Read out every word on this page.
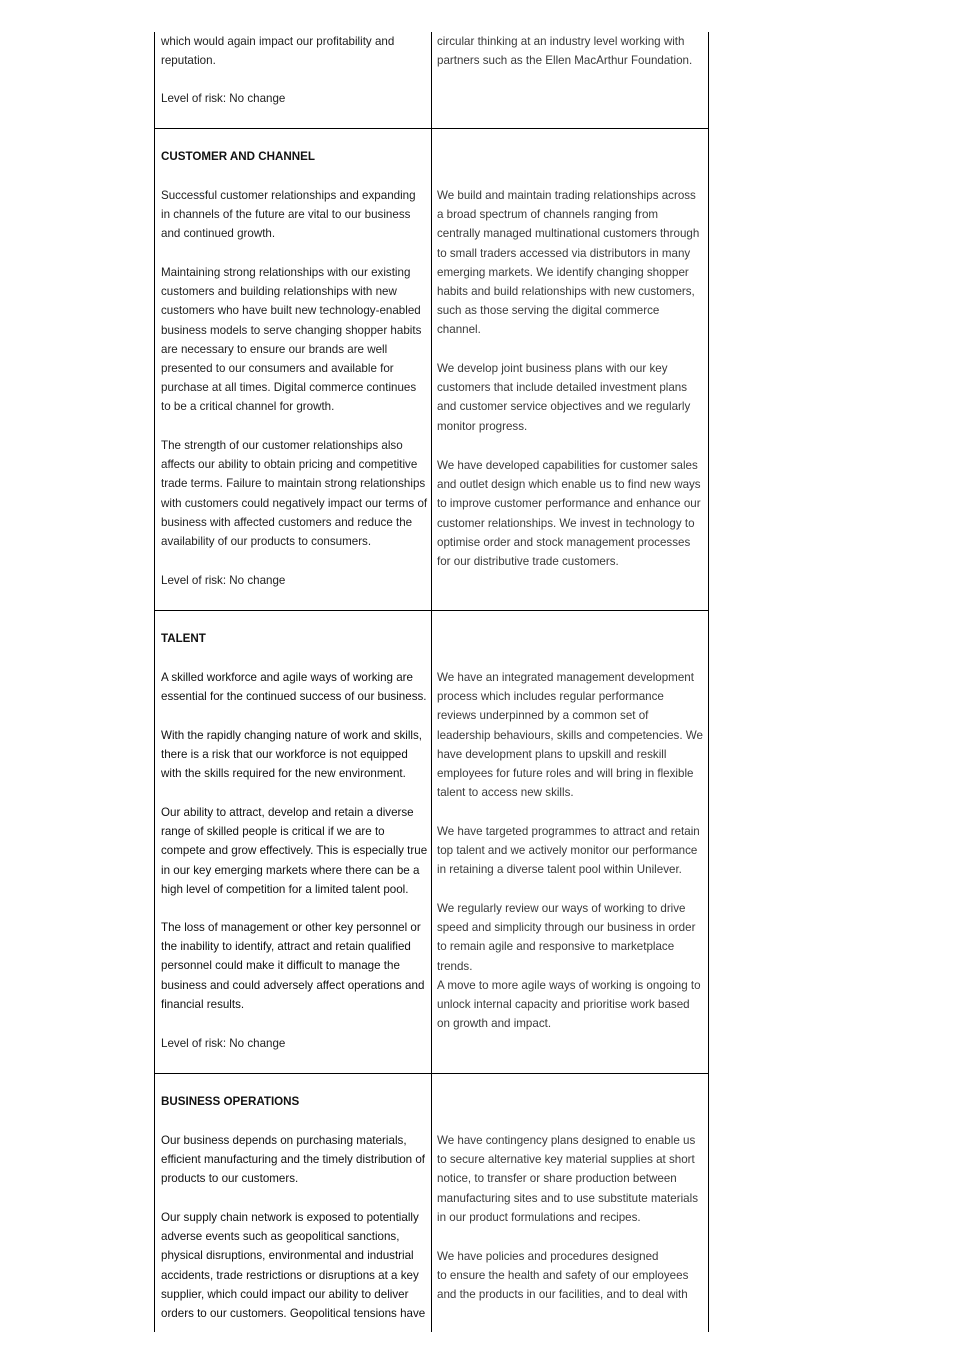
which would again impact our profitability and
reputation.
Level of risk: No change
circular thinking at an industry level working with
partners such as the Ellen MacArthur Foundation.
CUSTOMER AND CHANNEL
Successful customer relationships and expanding
in channels of the future are vital to our business
and continued growth.
Maintaining strong relationships with our existing
customers and building relationships with new
customers who have built new technology-enabled
business models to serve changing shopper habits
are necessary to ensure our brands are well
presented to our consumers and available for
purchase at all times. Digital commerce continues
to be a critical channel for growth.
The strength of our customer relationships also
affects our ability to obtain pricing and competitive
trade terms. Failure to maintain strong relationships
with customers could negatively impact our terms of
business with affected customers and reduce the
availability of our products to consumers.
Level of risk: No change
We build and maintain trading relationships across
a broad spectrum of channels ranging from
centrally managed multinational customers through
to small traders accessed via distributors in many
emerging markets. We identify changing shopper
habits and build relationships with new customers,
such as those serving the digital commerce
channel.
We develop joint business plans with our key
customers that include detailed investment plans
and customer service objectives and we regularly
monitor progress.
We have developed capabilities for customer sales
and outlet design which enable us to find new ways
to improve customer performance and enhance our
customer relationships. We invest in technology to
optimise order and stock management processes
for our distributive trade customers.
TALENT
A skilled workforce and agile ways of working are
essential for the continued success of our business.
With the rapidly changing nature of work and skills,
there is a risk that our workforce is not equipped
with the skills required for the new environment.
Our ability to attract, develop and retain a diverse
range of skilled people is critical if we are to
compete and grow effectively. This is especially true
in our key emerging markets where there can be a
high level of competition for a limited talent pool.
The loss of management or other key personnel or
the inability to identify, attract and retain qualified
personnel could make it difficult to manage the
business and could adversely affect operations and
financial results.
Level of risk: No change
We have an integrated management development
process which includes regular performance
reviews underpinned by a common set of
leadership behaviours, skills and competencies. We
have development plans to upskill and reskill
employees for future roles and will bring in flexible
talent to access new skills.
We have targeted programmes to attract and retain
top talent and we actively monitor our performance
in retaining a diverse talent pool within Unilever.
We regularly review our ways of working to drive
speed and simplicity through our business in order
to remain agile and responsive to marketplace
trends.
A move to more agile ways of working is ongoing to
unlock internal capacity and prioritise work based
on growth and impact.
BUSINESS OPERATIONS
Our business depends on purchasing materials,
efficient manufacturing and the timely distribution of
products to our customers.
Our supply chain network is exposed to potentially
adverse events such as geopolitical sanctions,
physical disruptions, environmental and industrial
accidents, trade restrictions or disruptions at a key
supplier, which could impact our ability to deliver
orders to our customers. Geopolitical tensions have
We have contingency plans designed to enable us
to secure alternative key material supplies at short
notice, to transfer or share production between
manufacturing sites and to use substitute materials
in our product formulations and recipes.
We have policies and procedures designed
to ensure the health and safety of our employees
and the products in our facilities, and to deal with
